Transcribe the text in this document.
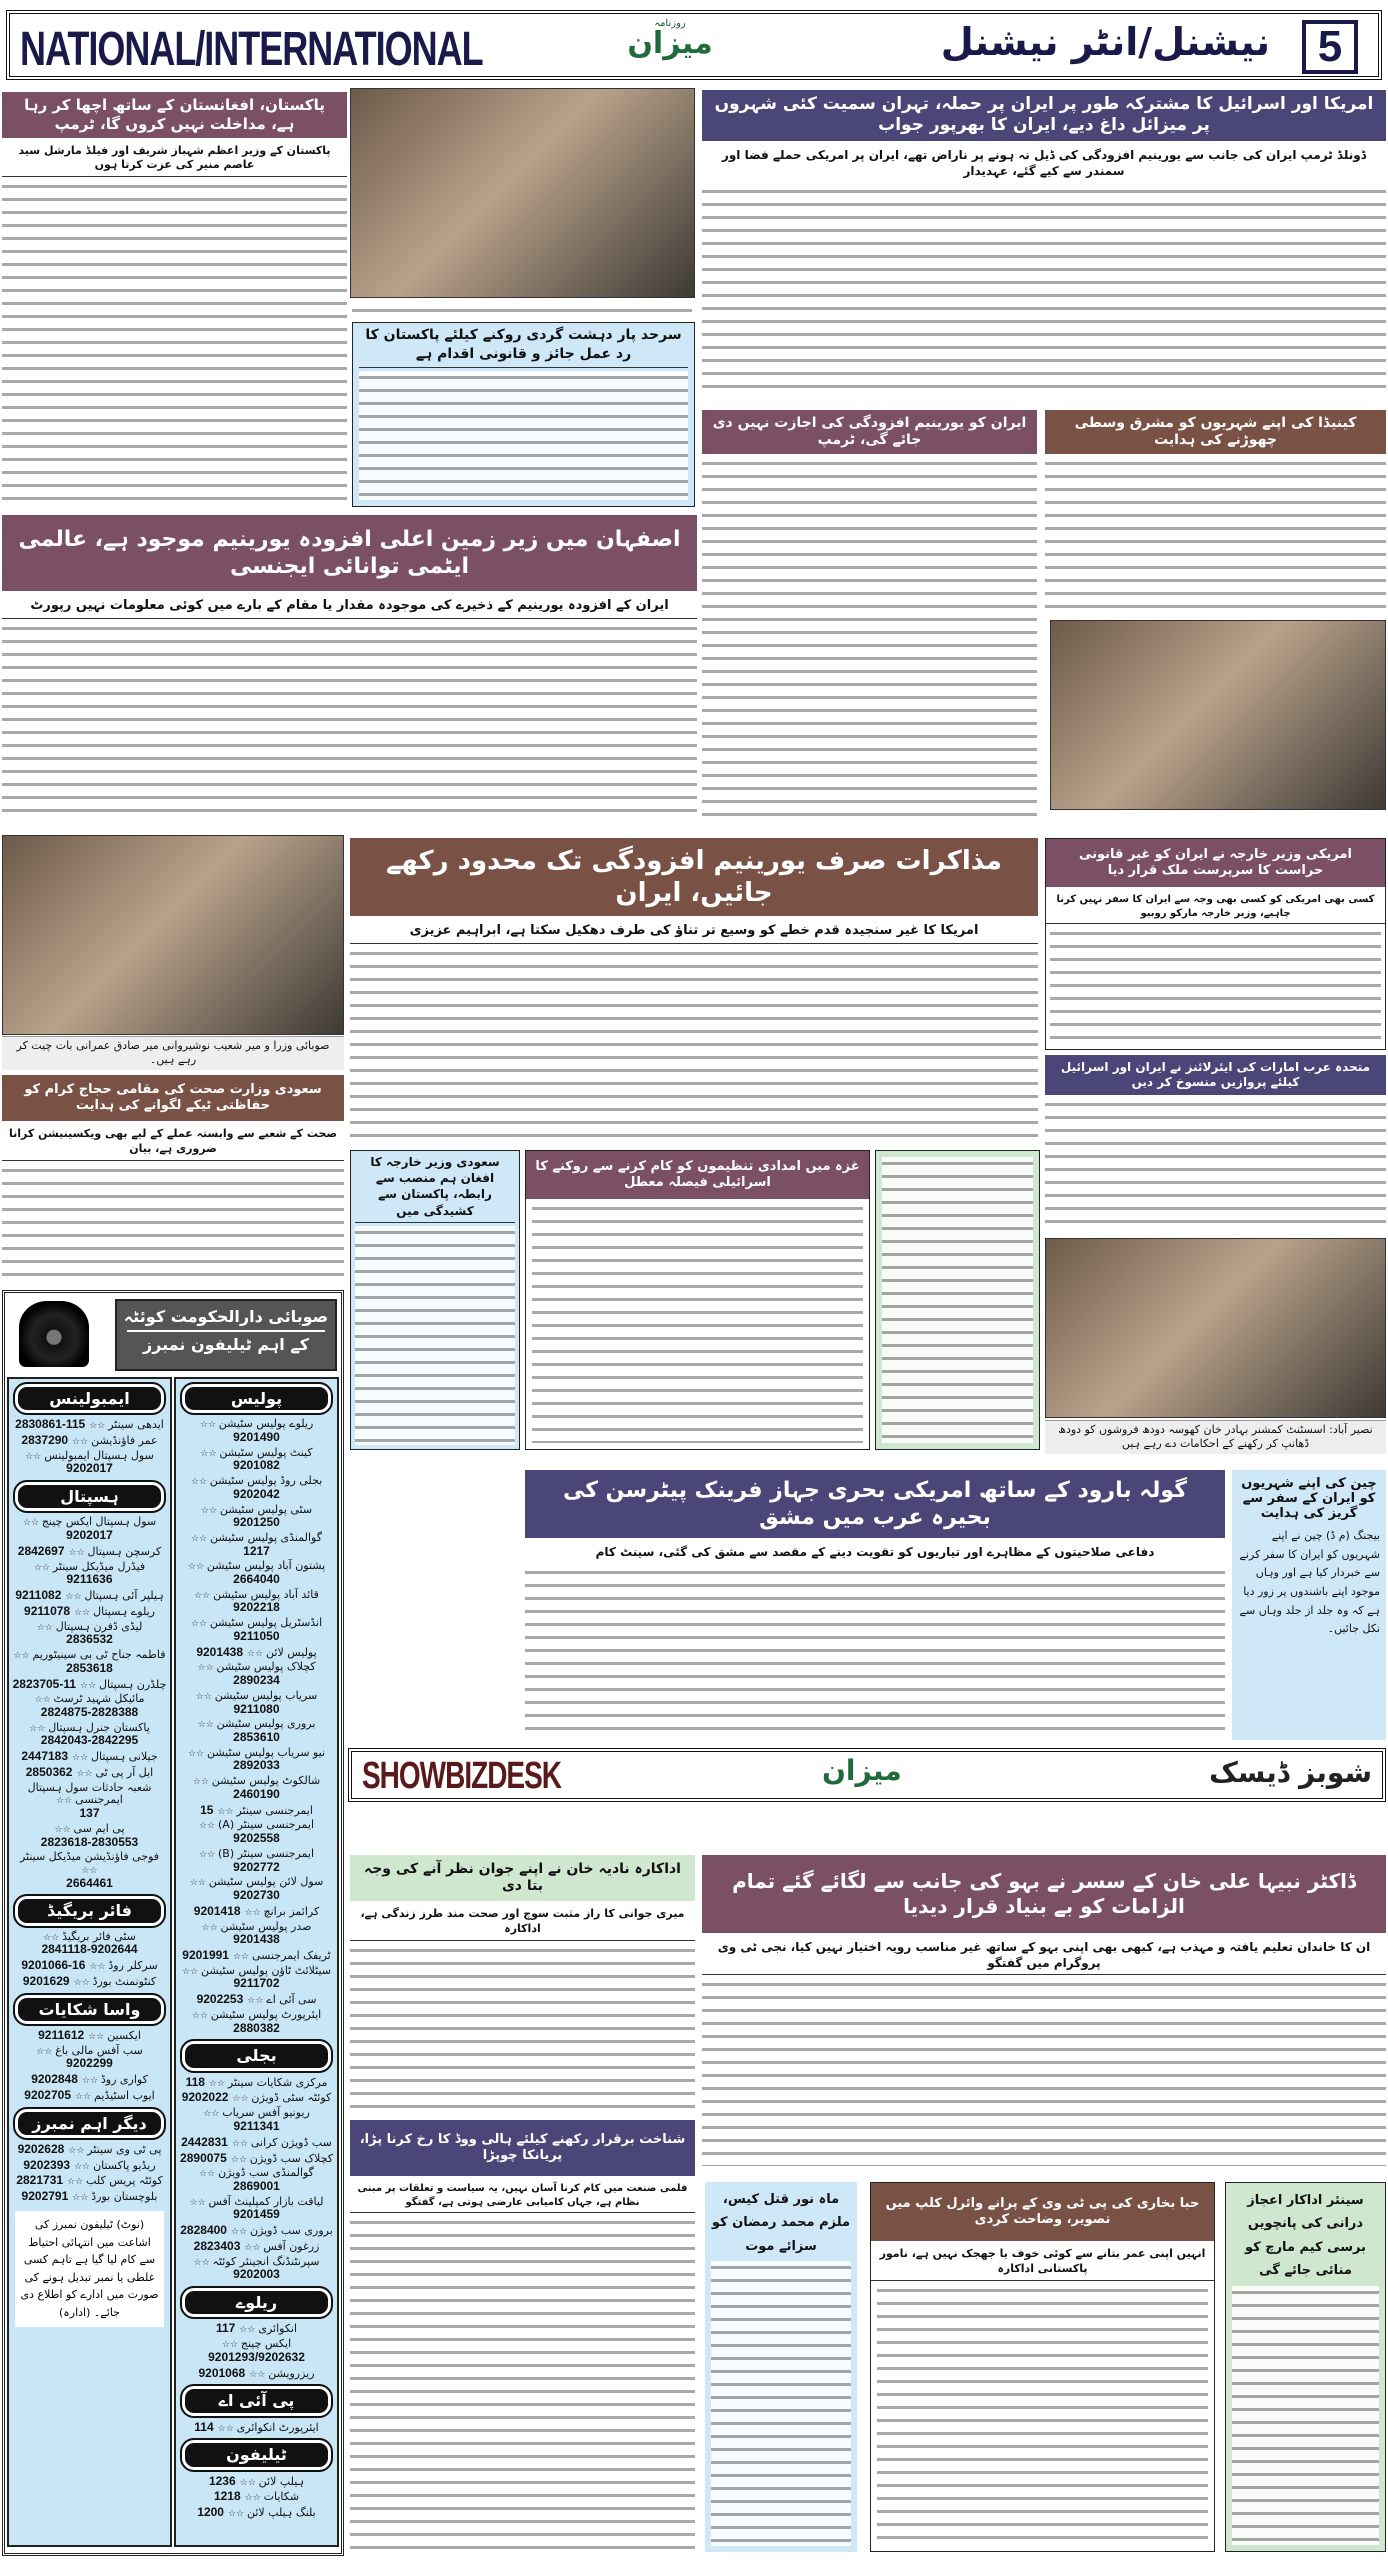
NATIONAL/INTERNATIONAL	روزنامہ
میزان	نیشنل/انٹر نیشنل	5
پاکستان، افغانستان کے ساتھ اچھا کر رہا ہے، مداخلت نہیں کروں گا، ٹرمپ
پاکستان کے وزیر اعظم شہباز شریف اور فیلڈ مارشل سید عاصم منیر کی عزت کرتا ہوں
سرحد پار دہشت گردی روکنے کیلئے پاکستان کا رد عمل جائز و قانونی اقدام ہے
امریکا اور اسرائیل کا مشترکہ طور پر ایران پر حملہ، تہران سمیت کئی شہروں پر میزائل داغ دیے، ایران کا بھرپور جواب
ڈونلڈ ٹرمپ ایران کی جانب سے یورینیم افزودگی کی ڈیل نہ ہونے پر ناراض تھے، ایران پر امریکی حملے فضا اور سمندر سے کیے گئے، عہدیدار
ایران کو یورینیم افزودگی کی اجازت نہیں دی جائے گی، ٹرمپ
کینیڈا کی اپنے شہریوں کو مشرق وسطی چھوڑنے کی ہدایت
اصفہان میں زیر زمین اعلی افزودہ یورینیم موجود ہے، عالمی ایٹمی توانائی ایجنسی
ایران کے افزودہ یورینیم کے ذخیرے کی موجودہ مقدار یا مقام کے بارے میں کوئی معلومات نہیں رپورٹ
صوبائی وزرا و میر شعیب نوشیروانی میر صادق عمرانی بات چیت کر رہے ہیں۔
سعودی وزارت صحت کی مقامی حجاج کرام کو حفاظتی ٹیکے لگوانے کی ہدایت
صحت کے شعبے سے وابستہ عملے کے لیے بھی ویکسینیشن کرانا ضروری ہے، بیان
مذاکرات صرف یورینیم افزودگی تک محدود رکھے جائیں، ایران
امریکا کا غیر سنجیدہ قدم خطے کو وسیع تر تناؤ کی طرف دھکیل سکتا ہے، ابراہیم عزیزی
امریکی وزیر خارجہ نے ایران کو غیر قانونی حراست کا سرپرست ملک قرار دیا
کسی بھی امریکی کو کسی بھی وجہ سے ایران کا سفر نہیں کرنا چاہیے، وزیر خارجہ مارکو روبیو
متحدہ عرب امارات کی ایئرلائنز نے ایران اور اسرائیل کیلئے پروازیں منسوخ کر دیں
نصیر آباد: اسسٹنٹ کمشنر بہادر خان کھوسہ دودھ فروشوں کو دودھ ڈھانپ کر رکھنے کے احکامات دے رہے ہیں
سعودی وزیر خارجہ کا افغان ہم منصب سے رابطہ، پاکستان سے کشیدگی میں
غزہ میں امدادی تنظیموں کو کام کرنے سے روکنے کا اسرائیلی فیصلہ معطل
گولہ بارود کے ساتھ امریکی بحری جہاز فرینک پیٹرسن کی بحیرہ عرب میں مشق
دفاعی صلاحیتوں کے مظاہرے اور تیاریوں کو تقویت دینے کے مقصد سے مشق کی گئی، سینٹ کام
چین کی اپنے شہریوں کو ایران کے سفر سے گریز کی ہدایت
بیجنگ (م ڈ) چین نے اپنے شہریوں کو ایران کا سفر کرنے سے خبردار کیا ہے اور وہاں موجود اپنے باشندوں پر زور دیا ہے کہ وہ جلد از جلد وہاں سے نکل جائیں۔
SHOWBIZDESK	میزان	شوبز ڈیسک
اداکارہ نادیہ خان نے اپنے جوان نظر آنے کی وجہ بتا دی
میری جوانی کا راز مثبت سوچ اور صحت مند طرز زندگی ہے، اداکارہ
ڈاکٹر نبیہا علی خان کے سسر نے بہو کی جانب سے لگائے گئے تمام الزامات کو بے بنیاد قرار دیدیا
ان کا خاندان تعلیم یافتہ و مہذب ہے، کبھی بھی اپنی بہو کے ساتھ غیر مناسب رویہ اختیار نہیں کیا، نجی ٹی وی پروگرام میں گفتگو
شناخت برقرار رکھنے کیلئے ہالی ووڈ کا رخ کرنا پڑا، پریانکا چوپڑا
فلمی صنعت میں کام کرنا آسان نہیں، یہ سیاست و تعلقات پر مبنی نظام ہے، جہاں کامیابی عارضی ہوتی ہے، گفتگو	ماہ نور قتل کیس، ملزم محمد رمضان کو سزائے موت
حبا بخاری کی پی ٹی وی کے پرانے وائرل کلپ میں تصویر، وضاحت کردی
انہیں اپنی عمر بتانے سے کوئی خوف یا جھجک نہیں ہے، نامور پاکستانی اداکارہ
سینئر اداکار اعجاز درانی کی پانچویں برسی کیم مارچ کو منائی جائے گی
صوبائی دارالحکومت کوئٹہ
کے اہم ٹیلیفون نمبرز
پولیس
ریلوے پولیس سٹیشن ☆☆
9201490
کینٹ پولیس سٹیشن ☆☆
9201082
بجلی روڈ پولیس سٹیشن ☆☆
9202042
سٹی پولیس سٹیشن ☆☆
9201250
گوالمنڈی پولیس سٹیشن ☆☆
1217
پشتون آباد پولیس سٹیشن ☆☆
2664040
قائد آباد پولیس سٹیشن ☆☆
9202218
انڈسٹریل پولیس سٹیشن ☆☆
9211050
پولیس لائن ☆☆
9201438
کچلاک پولیس سٹیشن ☆☆
2890234
سریاب پولیس سٹیشن ☆☆
9211080
بروری پولیس سٹیشن ☆☆
2853610
نیو سریاب پولیس سٹیشن ☆☆
2892033
شالکوٹ پولیس سٹیشن ☆☆
2460190
ایمرجنسی سینٹر ☆☆
15
ایمرجنسی سینٹر (A) ☆☆
9202558
ایمرجنسی سینٹر (B) ☆☆
9202772
سول لائن پولیس سٹیشن ☆☆
9202730
کرائمز برانچ ☆☆
9201418
صدر پولیس سٹیشن ☆☆
9201438
ٹریفک ایمرجنسی ☆☆
9201991
سیٹلائٹ ٹاؤن پولیس سٹیشن ☆☆
9211702
سی آئی اے ☆☆
9202253
ایئرپورٹ پولیس سٹیشن ☆☆
2880382
بجلی
مرکزی شکایات سینٹر ☆☆
118
کوئٹہ سٹی ڈویژن ☆☆
9202022
ریونیو آفس سریاب ☆☆
9211341
سب ڈویژن کرانی ☆☆
2442831
کچلاک سب ڈویژن ☆☆
2890075
گوالمنڈی سب ڈویژن ☆☆
2869001
لیاقت بازار کمپلینٹ آفس ☆☆
9201459
بروری سب ڈویژن ☆☆
2828400
زرغون آفس ☆☆
2823403
سپرنٹنڈنگ انجینئر کوئٹہ ☆☆
9202003
ریلوے
انکوائری ☆☆
117
ایکس چینج ☆☆
9201293/9202632
ریزرویشن ☆☆
9201068
پی آئی اے
ایئرپورٹ انکوائری ☆☆
114
ٹیلیفون
ہیلپ لائن ☆☆
1236
شکایات ☆☆
1218
بلنگ ہیلپ لائن ☆☆
1200
ایمبولینس
ایدھی سینٹر ☆☆
2830861-115
عمر فاؤنڈیشن ☆☆
2837290
سول ہسپتال ایمبولینس ☆☆
9202017
ہسپتال
سول ہسپتال ایکس چینج ☆☆
9202017
کرسچن ہسپتال ☆☆
2842697
فیڈرل میڈیکل سینٹر ☆☆
9211636
ہیلپر آئی ہسپتال ☆☆
9211082
ریلوے ہسپتال ☆☆
9211078
لیڈی ڈفرن ہسپتال ☆☆
2836532
فاطمہ جناح ٹی بی سینیٹوریم ☆☆
2853618
چلڈرن ہسپتال ☆☆
2823705-11
مائیکل شہید ٹرسٹ ☆☆
2824875-2828388
پاکستان جنرل ہسپتال ☆☆
2842043-2842295
جیلانی ہسپتال ☆☆
2447183
ایل آر پی ٹی ☆☆
2850362
شعبہ حادثات سول ہسپتال ایمرجنسی ☆☆
137
پی ایم سی ☆☆
2823618-2830553
فوجی فاؤنڈیشن میڈیکل سینٹر ☆☆
2664461
فائر بریگیڈ
سٹی فائر بریگیڈ ☆☆
2841118-9202644
سرکلر روڈ ☆☆
9201066-16
کنٹونمنٹ بورڈ ☆☆
9201629
واسا شکایات
ایکسین ☆☆
9211612
سب آفس مالی باغ ☆☆
9202299
کواری روڈ ☆☆
9202848
ایوب اسٹیڈیم ☆☆
9202705
دیگر اہم نمبرز
پی ٹی وی سینٹر ☆☆
9202628
ریڈیو پاکستان ☆☆
9202393
کوئٹہ پریس کلب ☆☆
2821731
بلوچستان بورڈ ☆☆
9202791
(نوٹ) ٹیلیفون نمبرز کی اشاعت میں انتہائی احتیاط سے کام لیا گیا ہے تاہم کسی غلطی یا نمبر تبدیل ہونے کی صورت میں ادارے کو اطلاع دی جائے۔ (ادارہ)
